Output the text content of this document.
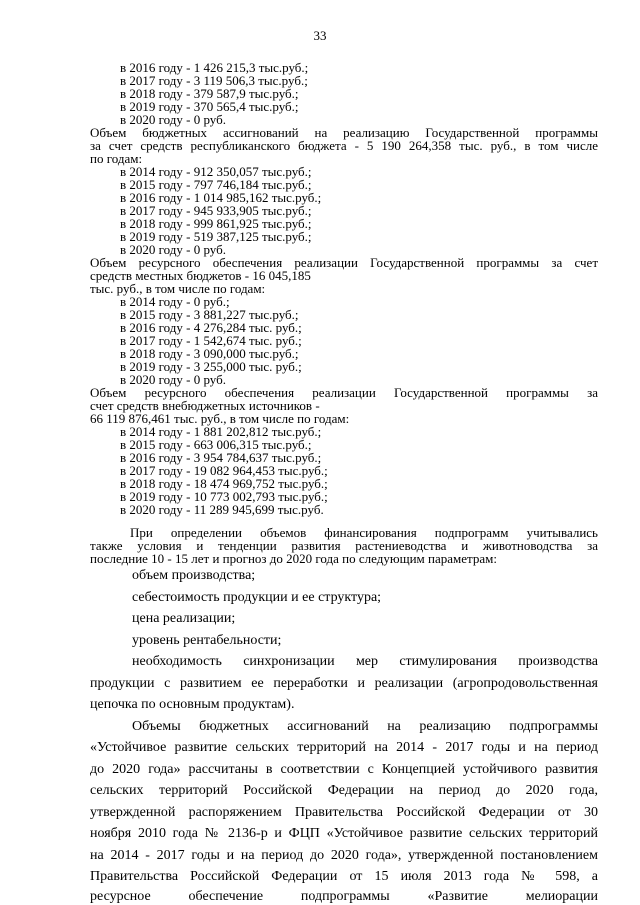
33
в 2016 году - 1 426 215,3 тыс.руб.;
в 2017 году - 3 119 506,3 тыс.руб.;
в 2018 году - 379 587,9 тыс.руб.;
в 2019 году - 370 565,4 тыс.руб.;
в 2020 году - 0 руб.
Объем бюджетных ассигнований на реализацию Государственной программы
за счет средств республиканского бюджета - 5 190 264,358 тыс. руб., в том числе
по годам:
в 2014 году - 912 350,057 тыс.руб.;
в 2015 году - 797 746,184 тыс.руб.;
в 2016 году - 1 014 985,162 тыс.руб.;
в 2017 году - 945 933,905 тыс.руб.;
в 2018 году - 999 861,925 тыс.руб.;
в 2019 году - 519 387,125 тыс.руб.;
в 2020 году - 0 руб.
Объем ресурсного обеспечения реализации Государственной программы за счет
средств местных бюджетов - 16 045,185
тыс. руб., в том числе по годам:
в 2014 году - 0 руб.;
в 2015 году - 3 881,227 тыс.руб.;
в 2016 году - 4 276,284 тыс. руб.;
в 2017 году - 1 542,674 тыс. руб.;
в 2018 году - 3 090,000 тыс.руб.;
в 2019 году - 3 255,000 тыс. руб.;
в 2020 году - 0 руб.
Объем ресурсного обеспечения реализации Государственной программы за
счет средств внебюджетных источников -
66 119 876,461 тыс. руб., в том числе по годам:
в 2014 году - 1 881 202,812 тыс.руб.;
в 2015 году - 663 006,315 тыс.руб.;
в 2016 году - 3 954 784,637 тыс.руб.;
в 2017 году - 19 082 964,453 тыс.руб.;
в 2018 году - 18 474 969,752 тыс.руб.;
в 2019 году - 10 773 002,793 тыс.руб.;
в 2020 году - 11 289 945,699 тыс.руб.
При определении объемов финансирования подпрограмм учитывались
также условия и тенденции развития растениеводства и животноводства за
последние 10 - 15 лет и прогноз до 2020 года по следующим параметрам:
объем производства;
себестоимость продукции и ее структура;
цена реализации;
уровень рентабельности;
необходимость синхронизации мер стимулирования производства
продукции с развитием ее переработки и реализации (агропродовольственная
цепочка по основным продуктам).
Объемы бюджетных ассигнований на реализацию подпрограммы
«Устойчивое развитие сельских территорий на 2014 - 2017 годы и на период
до 2020 года» рассчитаны в соответствии с Концепцией устойчивого развития
сельских территорий Российской Федерации на период до 2020 года,
утвержденной распоряжением Правительства Российской Федерации от 30
ноября 2010 года № 2136-р и ФЦП «Устойчивое развитие сельских территорий
на 2014 - 2017 годы и на период до 2020 года», утвержденной постановлением
Правительства Российской Федерации от 15 июля 2013 года № 598, а
ресурсное обеспечение подпрограммы «Развитие мелиорации
